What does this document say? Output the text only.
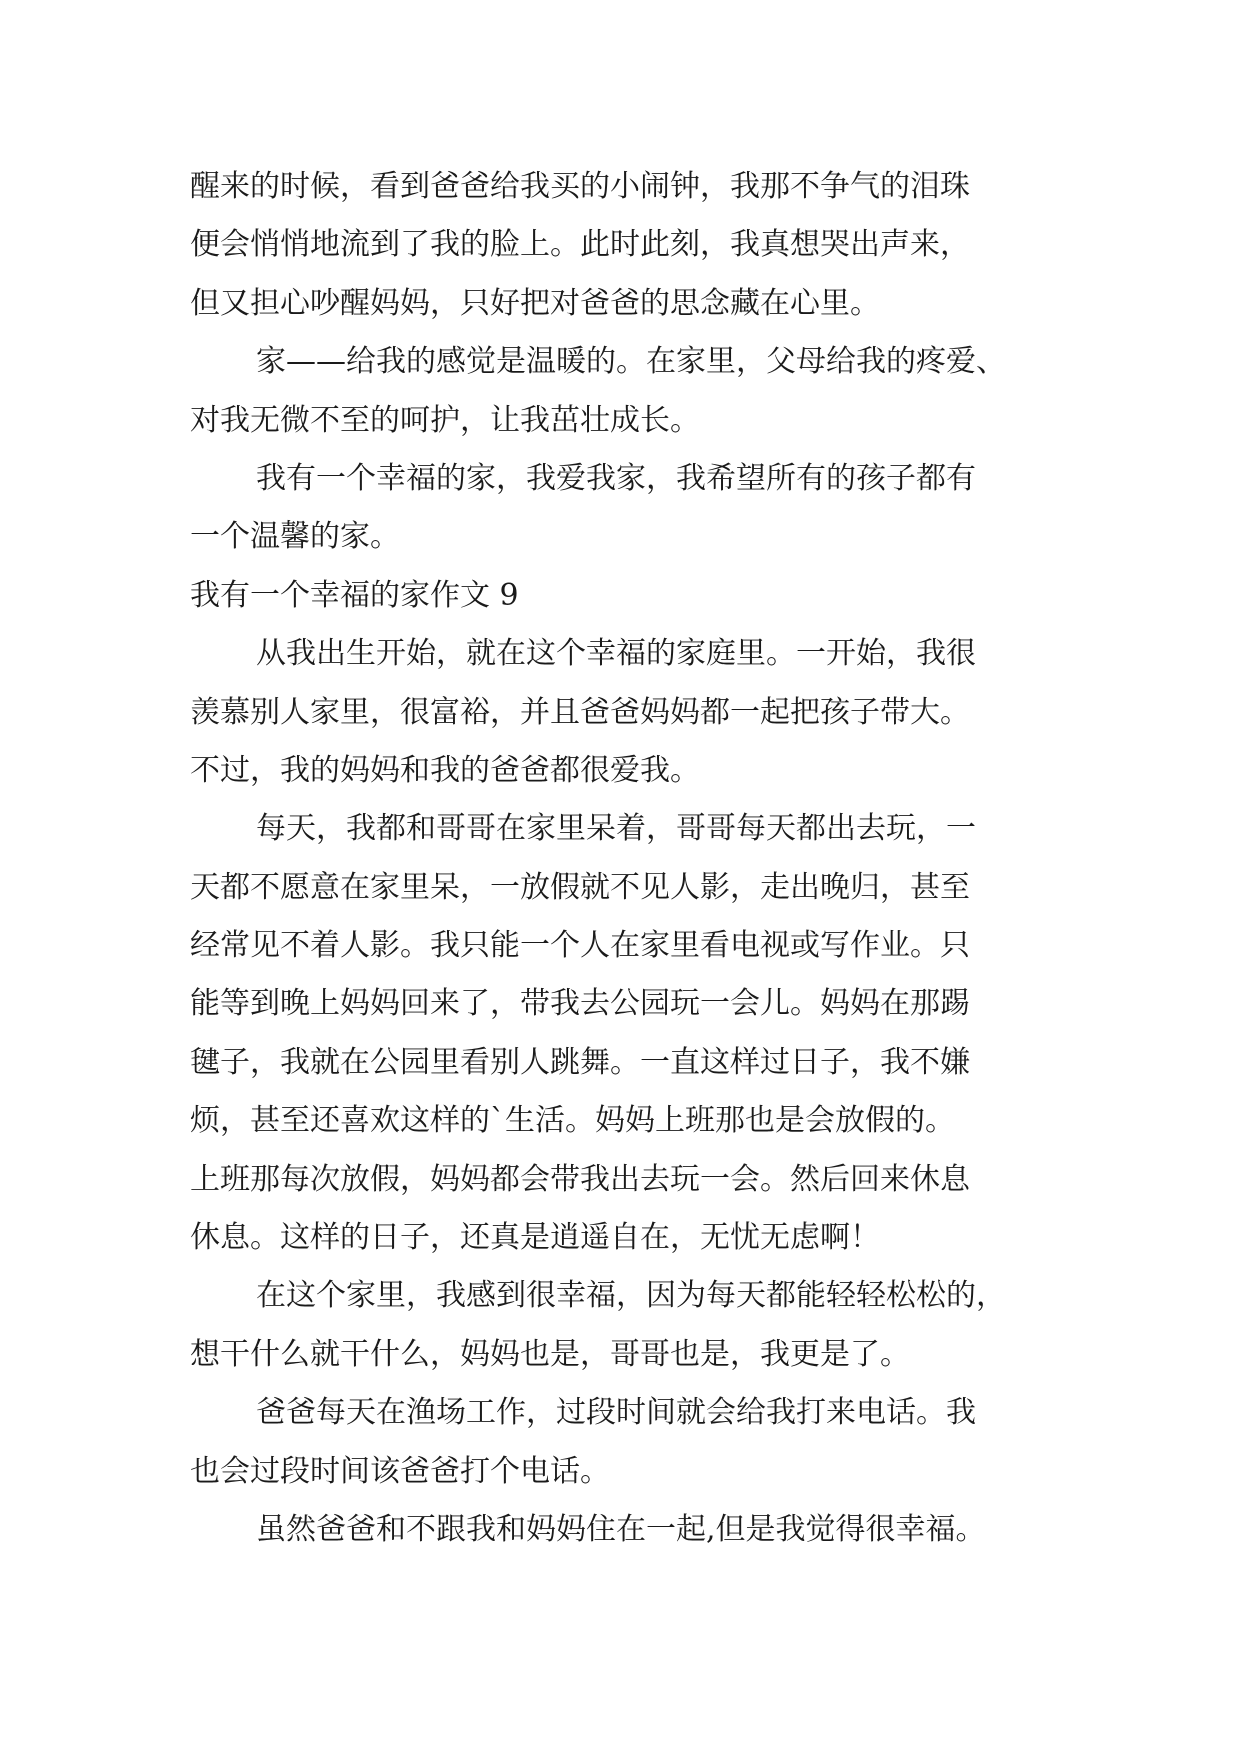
醒来的时候，看到爸爸给我买的小闹钟，我那不争气的泪珠
便会悄悄地流到了我的脸上。此时此刻，我真想哭出声来，
但又担心吵醒妈妈，只好把对爸爸的思念藏在心里。
家——给我的感觉是温暖的。在家里，父母给我的疼爱、
对我无微不至的呵护，让我茁壮成长。
我有一个幸福的家，我爱我家，我希望所有的孩子都有
一个温馨的家。
我有一个幸福的家作文 9
从我出生开始，就在这个幸福的家庭里。一开始，我很
羡慕别人家里，很富裕，并且爸爸妈妈都一起把孩子带大。
不过，我的妈妈和我的爸爸都很爱我。
每天，我都和哥哥在家里呆着，哥哥每天都出去玩，一
天都不愿意在家里呆，一放假就不见人影，走出晚归，甚至
经常见不着人影。我只能一个人在家里看电视或写作业。只
能等到晚上妈妈回来了，带我去公园玩一会儿。妈妈在那踢
毽子，我就在公园里看别人跳舞。一直这样过日子，我不嫌
烦，甚至还喜欢这样的`生活。妈妈上班那也是会放假的。
上班那每次放假，妈妈都会带我出去玩一会。然后回来休息
休息。这样的日子，还真是逍遥自在，无忧无虑啊！
在这个家里，我感到很幸福，因为每天都能轻轻松松的，
想干什么就干什么，妈妈也是，哥哥也是，我更是了。
爸爸每天在渔场工作，过段时间就会给我打来电话。我
也会过段时间该爸爸打个电话。
虽然爸爸和不跟我和妈妈住在一起,但是我觉得很幸福。
